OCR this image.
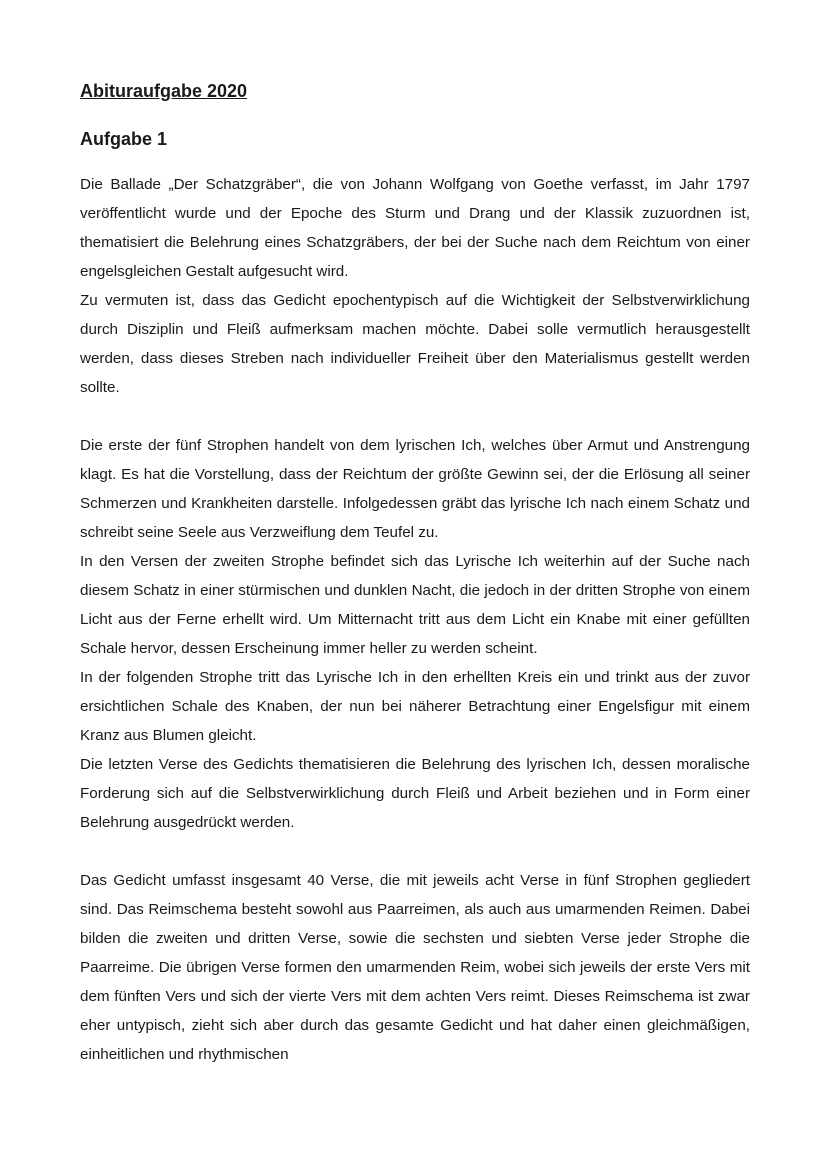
Abituraufgabe 2020
Aufgabe 1

Die Ballade „Der Schatzgräber“, die von Johann Wolfgang von Goethe verfasst, im Jahr 1797 veröffentlicht wurde und der Epoche des Sturm und Drang und der Klassik zuzuordnen ist, thematisiert die Belehrung eines Schatzgräbers, der bei der Suche nach dem Reichtum von einer engelsgleichen Gestalt aufgesucht wird.

Zu vermuten ist, dass das Gedicht epochentypisch auf die Wichtigkeit der Selbstverwirklichung durch Disziplin und Fleiß aufmerksam machen möchte. Dabei solle vermutlich herausgestellt werden, dass dieses Streben nach individueller Freiheit über den Materialismus gestellt werden sollte.

Die erste der fünf Strophen handelt von dem lyrischen Ich, welches über Armut und Anstrengung klagt. Es hat die Vorstellung, dass der Reichtum der größte Gewinn sei, der die Erlösung all seiner Schmerzen und Krankheiten darstelle. Infolgedessen gräbt das lyrische Ich nach einem Schatz und schreibt seine Seele aus Verzweiflung dem Teufel zu.

In den Versen der zweiten Strophe befindet sich das Lyrische Ich weiterhin auf der Suche nach diesem Schatz in einer stürmischen und dunklen Nacht, die jedoch in der dritten Strophe von einem Licht aus der Ferne erhellt wird. Um Mitternacht tritt aus dem Licht ein Knabe mit einer gefüllten Schale hervor, dessen Erscheinung immer heller zu werden scheint.

In der folgenden Strophe tritt das Lyrische Ich in den erhellten Kreis ein und trinkt aus der zuvor ersichtlichen Schale des Knaben, der nun bei näherer Betrachtung einer Engelsfigur mit einem Kranz aus Blumen gleicht.

Die letzten Verse des Gedichts thematisieren die Belehrung des lyrischen Ich, dessen moralische Forderung sich auf die Selbstverwirklichung durch Fleiß und Arbeit beziehen und in Form einer Belehrung ausgedrückt werden.

Das Gedicht umfasst insgesamt 40 Verse, die mit jeweils acht Verse in fünf Strophen gegliedert sind. Das Reimschema besteht sowohl aus Paarreimen, als auch aus umarmenden Reimen. Dabei bilden die zweiten und dritten Verse, sowie die sechsten und siebten Verse jeder Strophe die Paarreime. Die übrigen Verse formen den umarmenden Reim, wobei sich jeweils der erste Vers mit dem fünften Vers und sich der vierte Vers mit dem achten Vers reimt. Dieses Reimschema ist zwar eher untypisch, zieht sich aber durch das gesamte Gedicht und hat daher einen gleichmäßigen, einheitlichen und rhythmischen
